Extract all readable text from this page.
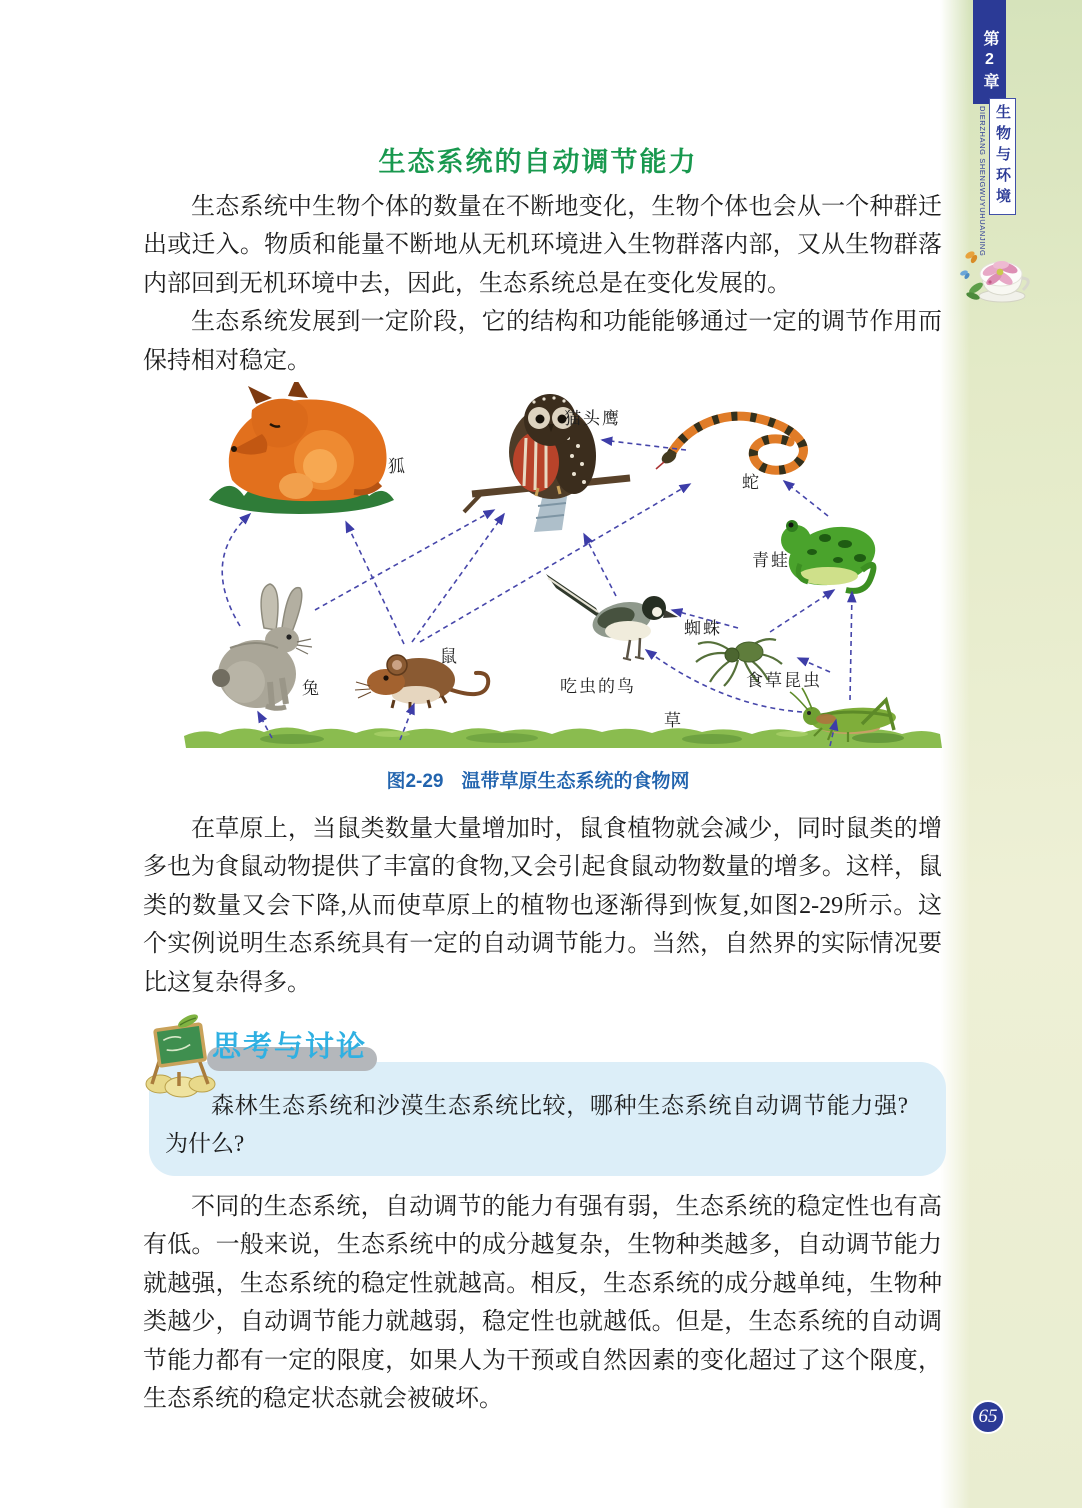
第2章
DIERZHANG SHENGWUYUHUANJING 生物与环境
生态系统的自动调节能力

生态系统中生物个体的数量在不断地变化，生物个体也会从一个种群迁出或迁入。物质和能量不断地从无机环境进入生物群落内部，又从生物群落内部回到无机环境中去，因此，生态系统总是在变化发展的。

生态系统发展到一定阶段，它的结构和功能能够通过一定的调节作用而保持相对稳定。

狐
猫头鹰
蛇
青蛙
兔
鼠
吃虫的鸟
蜘蛛
食草昆虫
草
图2-29 温带草原生态系统的食物网

在草原上，当鼠类数量大量增加时，鼠食植物就会减少，同时鼠类的增多也为食鼠动物提供了丰富的食物,又会引起食鼠动物数量的增多。这样，鼠类的数量又会下降,从而使草原上的植物也逐渐得到恢复,如图2-29所示。这个实例说明生态系统具有一定的自动调节能力。当然，自然界的实际情况要比这复杂得多。

森林生态系统和沙漠生态系统比较，哪种生态系统自动调节能力强?为什么?

思考与讨论

不同的生态系统，自动调节的能力有强有弱，生态系统的稳定性也有高有低。一般来说，生态系统中的成分越复杂，生物种类越多，自动调节能力就越强，生态系统的稳定性就越高。相反，生态系统的成分越单纯，生物种类越少，自动调节能力就越弱，稳定性也就越低。但是，生态系统的自动调节能力都有一定的限度，如果人为干预或自然因素的变化超过了这个限度，生态系统的稳定状态就会被破坏。

65
